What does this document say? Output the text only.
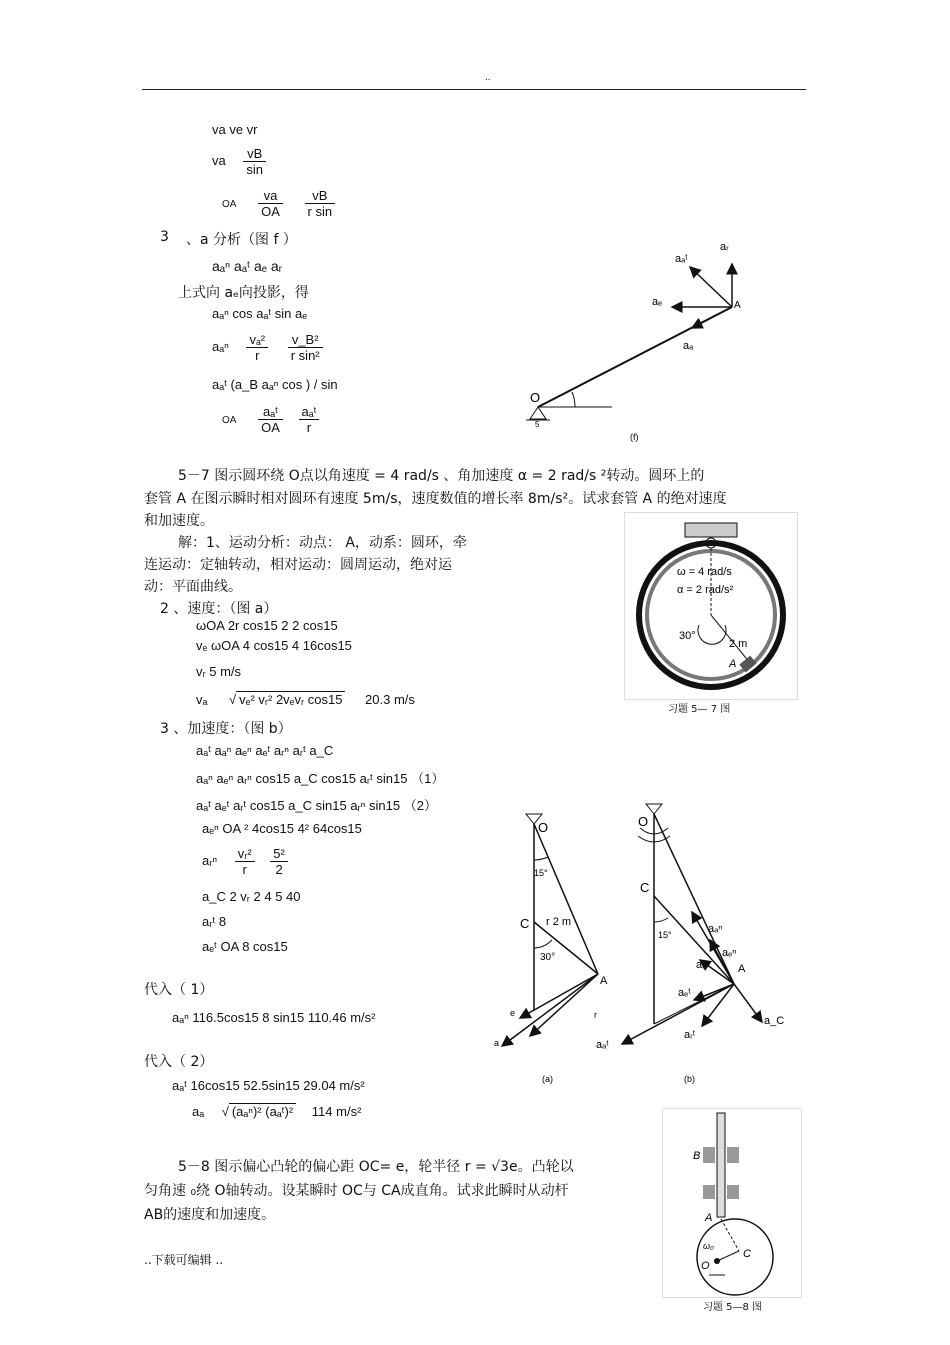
..
va ve vr
va $\frac{vB}{\sin}$
OA $\frac{va}{OA}$
$\frac{vB}{\text{r sin}}$
3 、a 分析（图 f ）
aₐⁿ aₐᵗ aₑ aᵣ
上式向 aₑ向投影，得
aₐⁿ cos aₐᵗ sin aₑ
aₐⁿ $\frac{\text{vₐ²}}{r}$
$\frac{\text{v\_B²}}{\text{r sin²}}$
aₐᵗ (a_B aₐⁿ cos ) / sin
OA $\frac{\text{aₐᵗ}}{OA}$
$\frac{\text{aₐᵗ}}{r}$
O
A
aᵣ
aₑ
aₐ
aₐᵗ
5
(f)
5－7 图示圆环绕 O点以角速度 = 4 rad/s 、角加速度 α = 2 rad/s ²转动。圆环上的
套管 A 在图示瞬时相对圆环有速度 5m/s，速度数值的增长率 8m/s²。试求套管 A 的绝对速度
和加速度。
ω = 4 rad/s
α = 2 rad/s²
30°
2 m
A
习题 5— 7 图
解：1、运动分析：动点： A，动系：圆环，牵
连运动：定轴转动，相对运动：圆周运动，绝对运
动：平面曲线。
2 、速度：（图 a）
ωOA 2r cos15 2 2 cos15
vₑ ωOA 4 cos15 4 16cos15
vᵣ 5 m/s
vₐ √ vₑ² vᵣ² 2vₑvᵣ cos15 20.3 m/s
3 、加速度：（图 b）
aₐᵗ aₐⁿ aₑⁿ aₑᵗ aᵣⁿ aᵣᵗ a_C
aₐⁿ aₑⁿ aᵣⁿ cos15 a_C cos15 aᵣᵗ sin15 （1）
aₐᵗ aₑᵗ aᵣᵗ cos15 a_C sin15 aᵣⁿ sin15 （2）
aₑⁿ OA ² 4cos15 4² 64cos15
aᵣⁿ $\frac{\text{vᵣ²}}{r}$
$\frac{\text{5²}}{2}$
a_C 2 vᵣ 2 4 5 40
aᵣᵗ 8
aₑᵗ OA 8 cos15
代入（ 1）
aₐⁿ 116.5cos15 8 sin15 110.46 m/s²
代入（ 2）
aₐᵗ 16cos15 52.5sin15 29.04 m/s²
aₐ √ (aₐⁿ)² (aₐᵗ)² 114 m/s²
O
C
A
r 2 m
15°
30°
e
a
r
(a)
O
C
A
15°	aₐⁿ
aₑⁿ
aᵣⁿ
aₑᵗ
aᵣᵗ
a_C
aₐᵗ
(b)
5－8 图示偏心凸轮的偏心距 OC= e，轮半径 r = √3e。凸轮以
匀角速 ₀绕 O轴转动。设某瞬时 OC与 CA成直角。试求此瞬时从动杆
AB的速度和加速度。
B
A
C
O
ω₀
习题 5—8 图
..下载可编辑 ..
